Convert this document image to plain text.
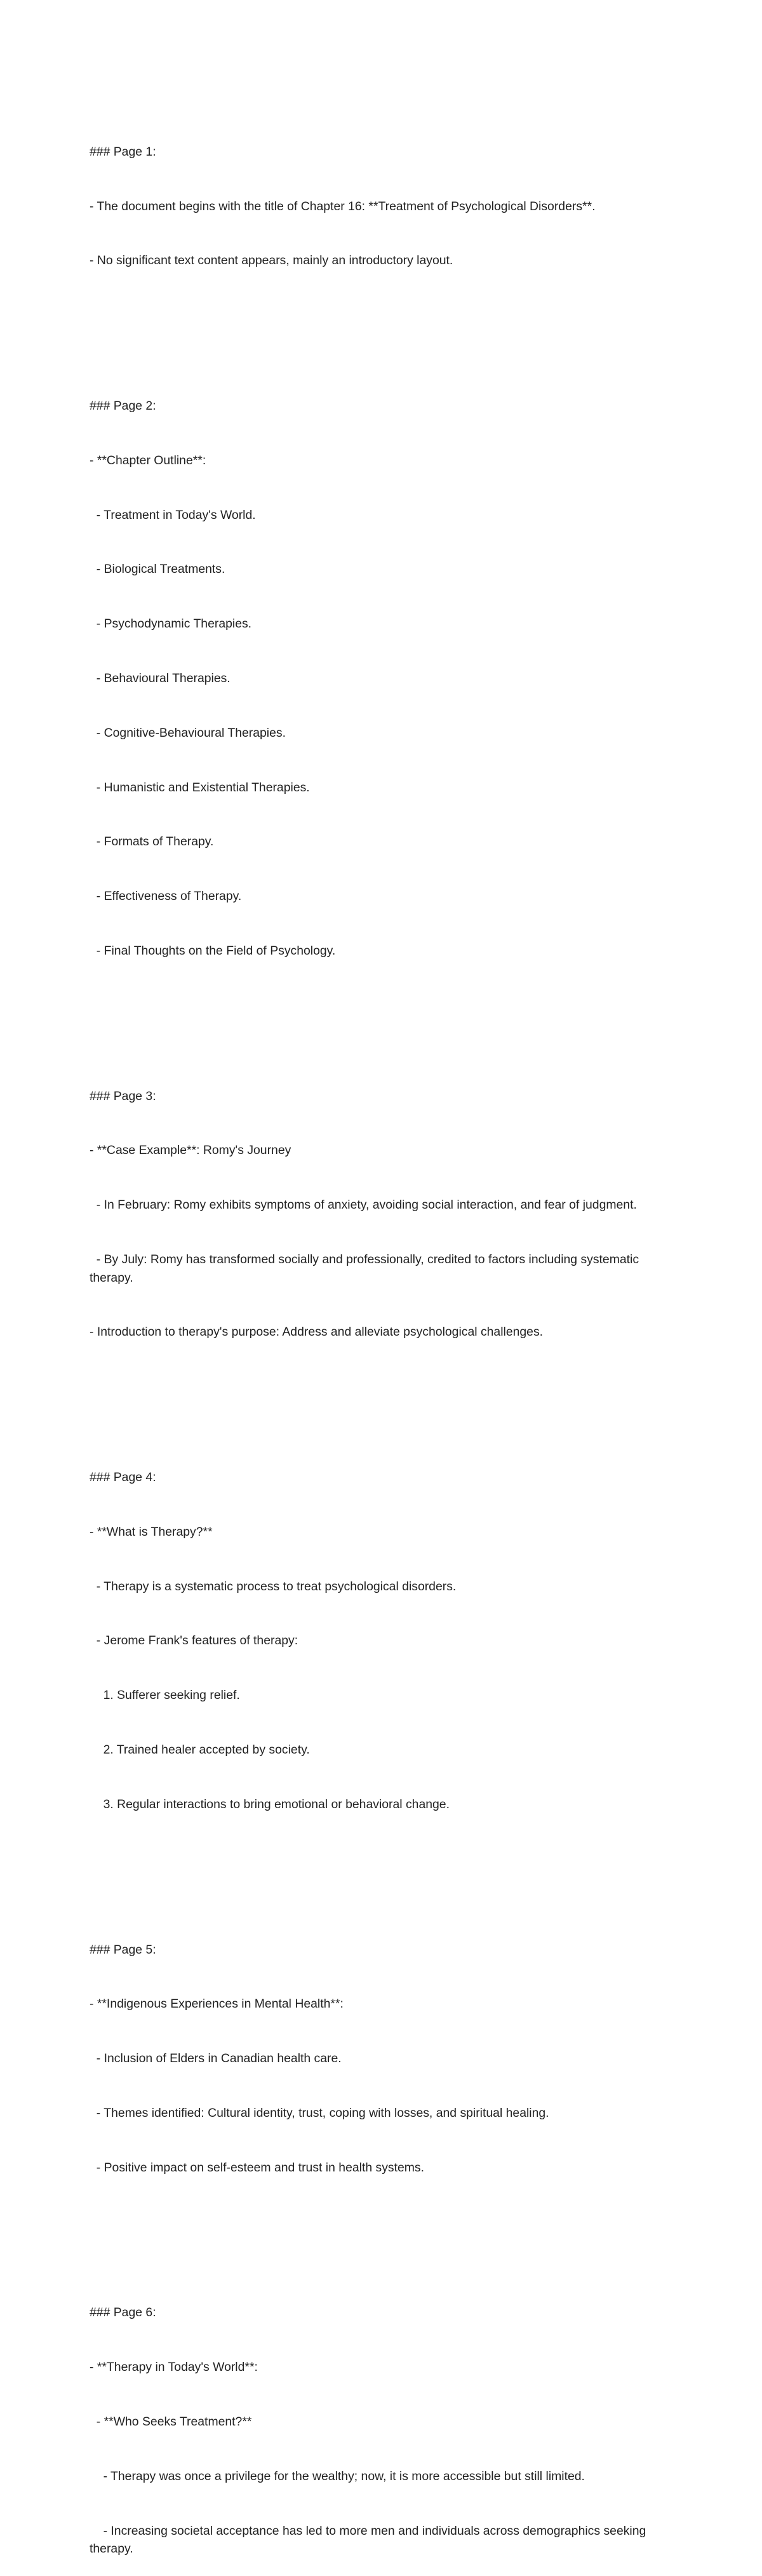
### Page 1:

- The document begins with the title of Chapter 16: **Treatment of Psychological Disorders**.

- No significant text content appears, mainly an introductory layout.

### Page 2:

- **Chapter Outline**:

- Treatment in Today's World.

- Biological Treatments.

- Psychodynamic Therapies.

- Behavioural Therapies.

- Cognitive-Behavioural Therapies.

- Humanistic and Existential Therapies.

- Formats of Therapy.

- Effectiveness of Therapy.

- Final Thoughts on the Field of Psychology.

### Page 3:

- **Case Example**: Romy's Journey

- In February: Romy exhibits symptoms of anxiety, avoiding social interaction, and fear of judgment.

- By July: Romy has transformed socially and professionally, credited to factors including systematic therapy.

- Introduction to therapy's purpose: Address and alleviate psychological challenges.

### Page 4:

- **What is Therapy?**

- Therapy is a systematic process to treat psychological disorders.

- Jerome Frank's features of therapy:

1. Sufferer seeking relief.

2. Trained healer accepted by society.

3. Regular interactions to bring emotional or behavioral change.

### Page 5:

- **Indigenous Experiences in Mental Health**:

- Inclusion of Elders in Canadian health care.

- Themes identified: Cultural identity, trust, coping with losses, and spiritual healing.

- Positive impact on self-esteem and trust in health systems.

### Page 6:

- **Therapy in Today's World**:

- **Who Seeks Treatment?**

- Therapy was once a privilege for the wealthy; now, it is more accessible but still limited.

- Increasing societal acceptance has led to more men and individuals across demographics seeking therapy.
